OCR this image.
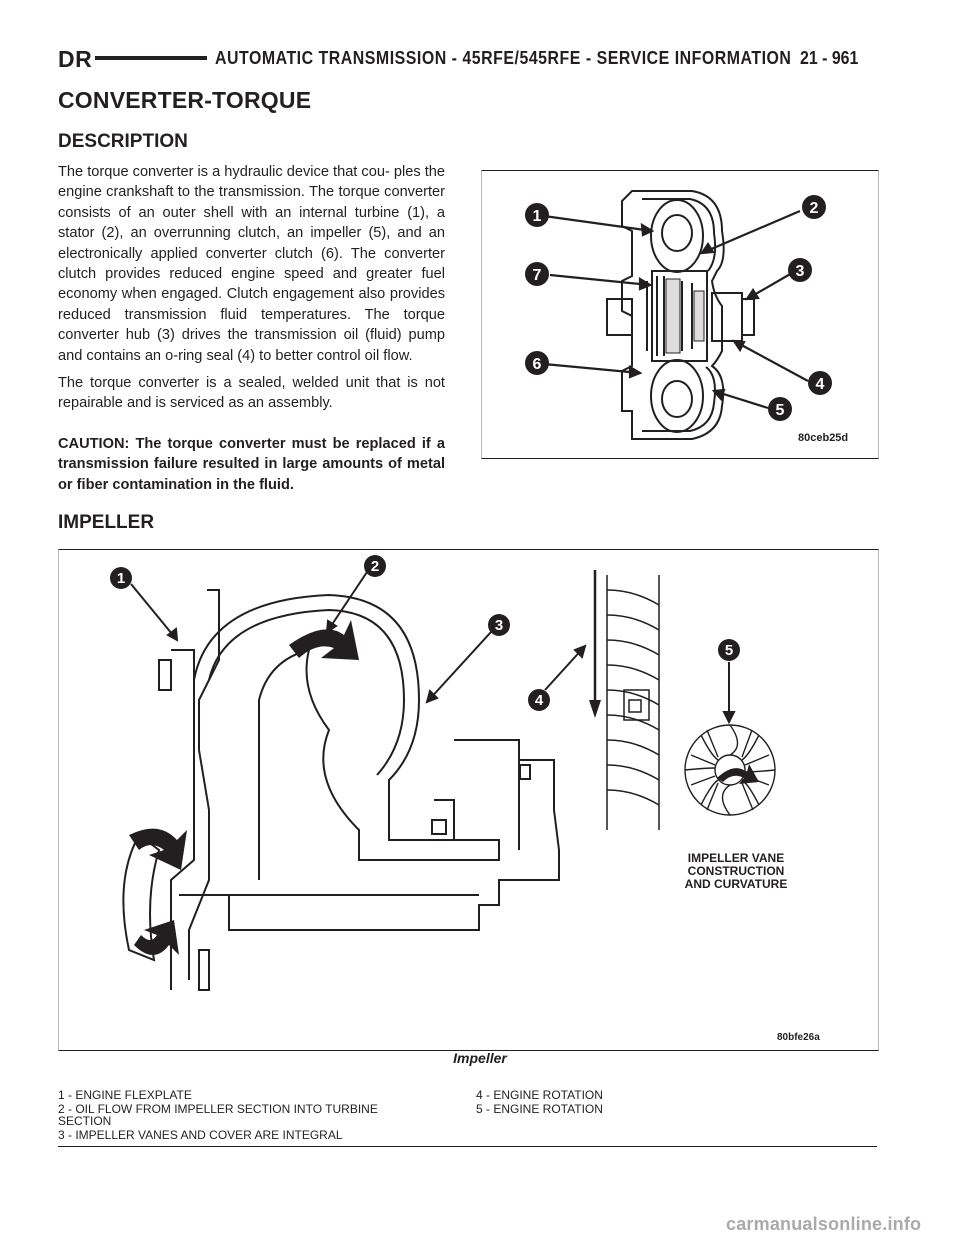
DR	AUTOMATIC TRANSMISSION - 45RFE/545RFE - SERVICE INFORMATION 21 - 961
CONVERTER-TORQUE
DESCRIPTION
The torque converter is a hydraulic device that cou- ples the engine crankshaft to the transmission. The torque converter consists of an outer shell with an internal turbine (1), a stator (2), an overrunning clutch, an impeller (5), and an electronically applied converter clutch (6). The converter clutch provides reduced engine speed and greater fuel economy when engaged. Clutch engagement also provides reduced transmission fluid temperatures. The torque converter hub (3) drives the transmission oil (fluid) pump and contains an o-ring seal (4) to better control oil flow.
The torque converter is a sealed, welded unit that is not repairable and is serviced as an assembly.
CAUTION: The torque converter must be replaced if a transmission failure resulted in large amounts of metal or fiber contamination in the fluid.
1	2
3
4
5
6
7
80ceb25d
IMPELLER
1
2
3
4
5
IMPELLER VANE
CONSTRUCTION
AND CURVATURE
80bfe26a
Impeller
1 - ENGINE FLEXPLATE
2 - OIL FLOW FROM IMPELLER SECTION INTO TURBINE SECTION
3 - IMPELLER VANES AND COVER ARE INTEGRAL
4 - ENGINE ROTATION
5 - ENGINE ROTATION
carmanualsonline.info
